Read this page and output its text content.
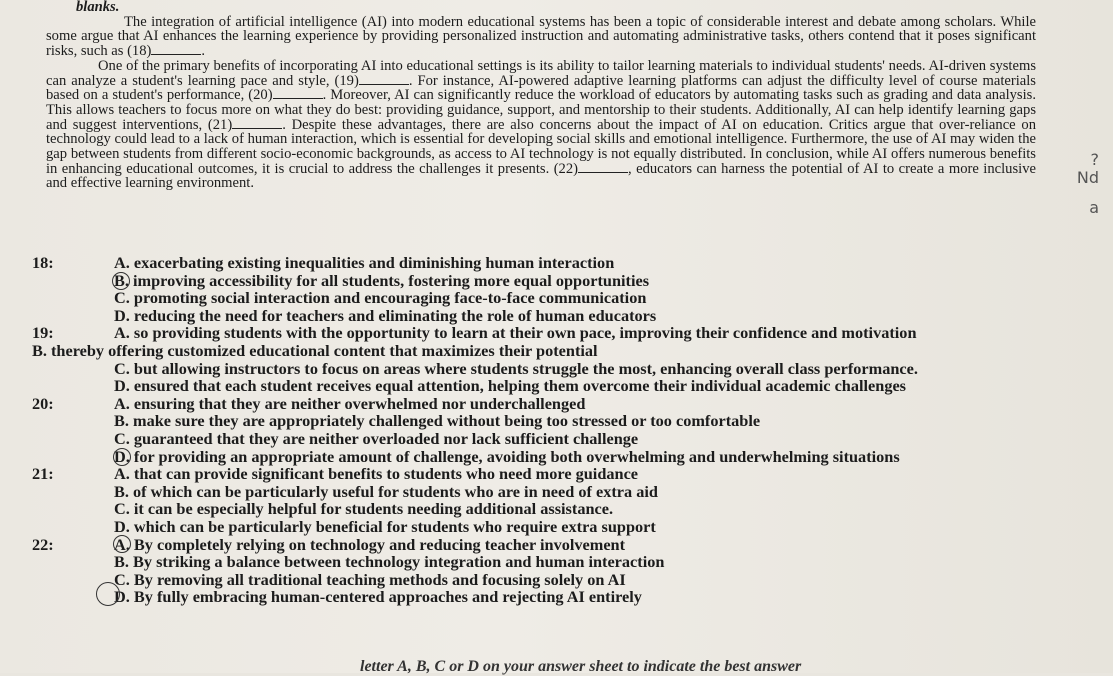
blanks.

The integration of artificial intelligence (AI) into modern educational systems has been a topic of considerable interest and debate among scholars. While some argue that AI enhances the learning experience by providing personalized instruction and automating administrative tasks, others contend that it poses significant risks, such as (18)	.

One of the primary benefits of incorporating AI into educational settings is its ability to tailor learning materials to individual students' needs. AI-driven systems can analyze a student's learning pace and style, (19)	. For instance, AI-powered adaptive learning platforms can adjust the difficulty level of course materials based on a student's performance, (20)	. Moreover, AI can significantly reduce the workload of educators by automating tasks such as grading and data analysis. This allows teachers to focus more on what they do best: providing guidance, support, and mentorship to their students. Additionally, AI can help identify learning gaps and suggest interventions, (21)	. Despite these advantages, there are also concerns about the impact of AI on education. Critics argue that over-reliance on technology could lead to a lack of human interaction, which is essential for developing social skills and emotional intelligence. Furthermore, the use of AI may widen the gap between students from different socio-economic backgrounds, as access to AI technology is not equally distributed. In conclusion, while AI offers numerous benefits in enhancing educational outcomes, it is crucial to address the challenges it presents. (22)	, educators can harness the potential of AI to create a more inclusive and effective learning environment.

18:	A. exacerbating existing inequalities and diminishing human interaction
B. improving accessibility for all students, fostering more equal opportunities
C. promoting social interaction and encouraging face-to-face communication
D. reducing the need for teachers and eliminating the role of human educators
19:	A. so providing students with the opportunity to learn at their own pace, improving their confidence and motivation
B. thereby offering customized educational content that maximizes their potential
C. but allowing instructors to focus on areas where students struggle the most, enhancing overall class performance.
D. ensured that each student receives equal attention, helping them overcome their individual academic challenges
20:	A. ensuring that they are neither overwhelmed nor underchallenged
B. make sure they are appropriately challenged without being too stressed or too comfortable
C. guaranteed that they are neither overloaded nor lack sufficient challenge
D. for providing an appropriate amount of challenge, avoiding both overwhelming and underwhelming situations
21:	A. that can provide significant benefits to students who need more guidance
B. of which can be particularly useful for students who are in need of extra aid
C. it can be especially helpful for students needing additional assistance.
D. which can be particularly beneficial for students who require extra support
22:	A. By completely relying on technology and reducing teacher involvement
B. By striking a balance between technology integration and human interaction
C. By removing all traditional teaching methods and focusing solely on AI
D. By fully embracing human-centered approaches and rejecting AI entirely
?
Nd
a
letter A, B, C or D on your answer sheet to indicate the best answer
